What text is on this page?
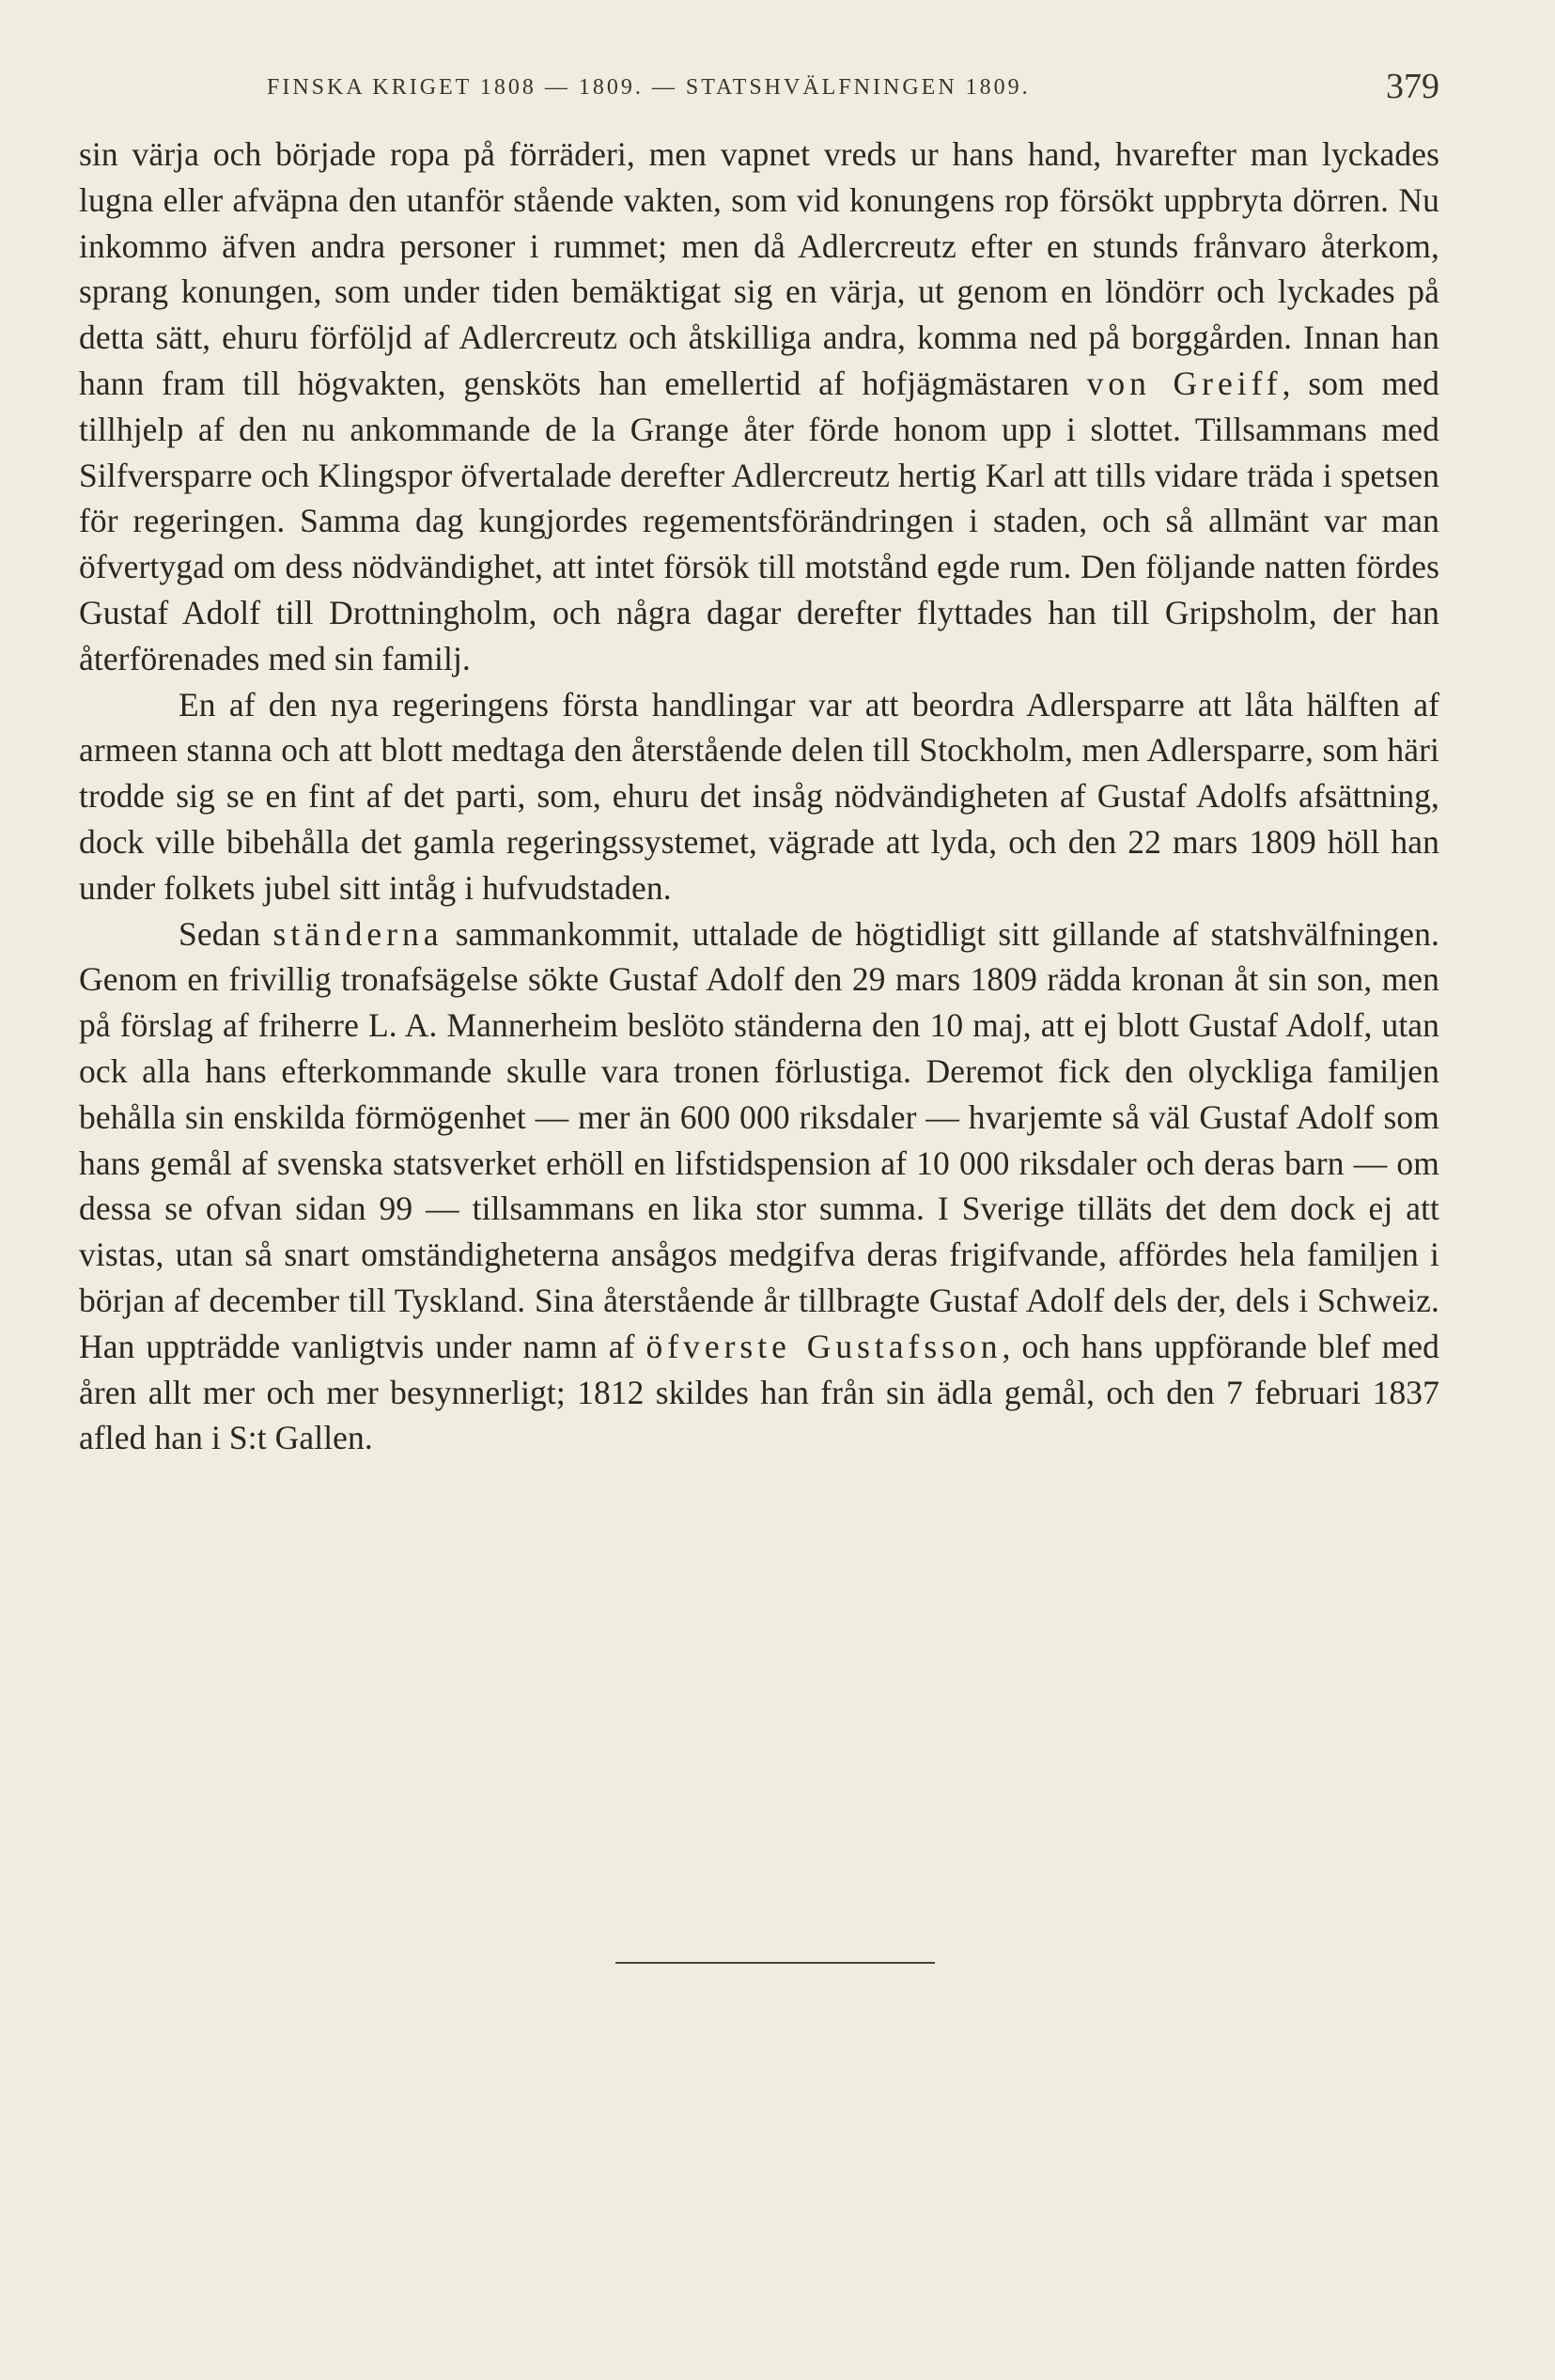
FINSKA KRIGET 1808 — 1809. — STATSHVÄLFNINGEN 1809.	379

sin värja och började ropa på förräderi, men vapnet vreds ur hans hand, hvarefter man lyckades lugna eller afväpna den utanför stående vakten, som vid konungens rop försökt uppbryta dörren. Nu inkommo äfven andra personer i rummet; men då Adlercreutz efter en stunds frånvaro återkom, sprang konungen, som under tiden bemäktigat sig en värja, ut genom en löndörr och lyckades på detta sätt, ehuru förföljd af Adlercreutz och åtskilliga andra, komma ned på borggården. Innan han hann fram till högvakten, gensköts han emellertid af hofjägmästaren von Greiff, som med tillhjelp af den nu ankommande de la Grange åter förde honom upp i slottet. Tillsammans med Silfversparre och Klingspor öfvertalade derefter Adlercreutz hertig Karl att tills vidare träda i spetsen för regeringen. Samma dag kungjordes regementsförändringen i staden, och så allmänt var man öfvertygad om dess nödvändighet, att intet försök till motstånd egde rum. Den följande natten fördes Gustaf Adolf till Drottningholm, och några dagar derefter flyttades han till Gripsholm, der han återförenades med sin familj.

En af den nya regeringens första handlingar var att beordra Adlersparre att låta hälften af armeen stanna och att blott medtaga den återstående delen till Stockholm, men Adlersparre, som häri trodde sig se en fint af det parti, som, ehuru det insåg nödvändigheten af Gustaf Adolfs afsättning, dock ville bibehålla det gamla regeringssystemet, vägrade att lyda, och den 22 mars 1809 höll han under folkets jubel sitt intåg i hufvudstaden.

Sedan ständerna sammankommit, uttalade de högtidligt sitt gillande af statshvälfningen. Genom en frivillig tronafsägelse sökte Gustaf Adolf den 29 mars 1809 rädda kronan åt sin son, men på förslag af friherre L. A. Mannerheim beslöto ständerna den 10 maj, att ej blott Gustaf Adolf, utan ock alla hans efterkommande skulle vara tronen förlustiga. Deremot fick den olyckliga familjen behålla sin enskilda förmögenhet — mer än 600 000 riksdaler — hvarjemte så väl Gustaf Adolf som hans gemål af svenska statsverket erhöll en lifstidspension af 10 000 riksdaler och deras barn — om dessa se ofvan sidan 99 — tillsammans en lika stor summa. I Sverige tilläts det dem dock ej att vistas, utan så snart omständigheterna ansågos medgifva deras frigifvande, affördes hela familjen i början af december till Tyskland. Sina återstående år tillbragte Gustaf Adolf dels der, dels i Schweiz. Han uppträdde vanligtvis under namn af öfverste Gustafsson, och hans uppförande blef med åren allt mer och mer besynnerligt; 1812 skildes han från sin ädla gemål, och den 7 februari 1837 afled han i S:t Gallen.
